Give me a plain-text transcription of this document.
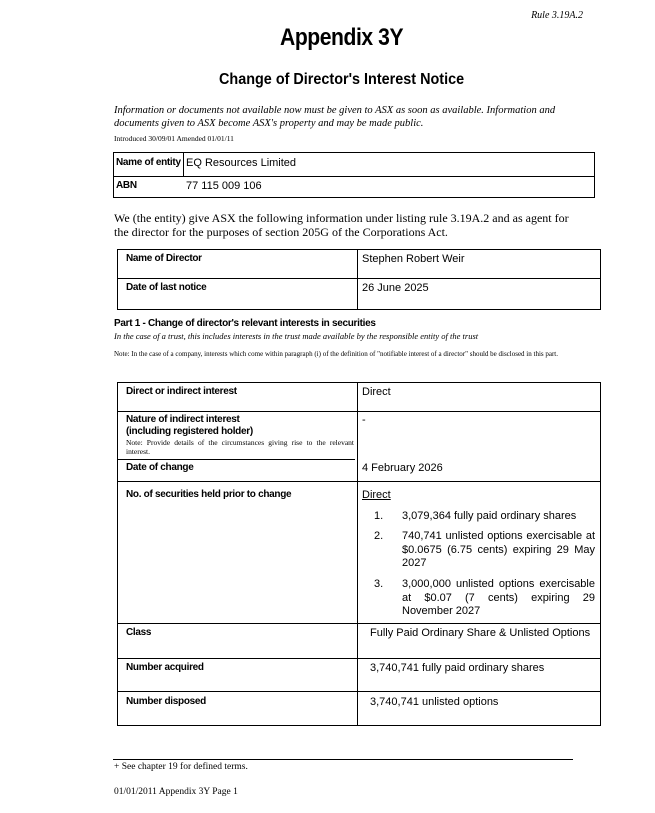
Rule 3.19A.2
Appendix 3Y
Change of Director's Interest Notice
Information or documents not available now must be given to ASX as soon as available. Information and documents given to ASX become ASX's property and may be made public.
Introduced 30/09/01 Amended 01/01/11
Name of entity EQ Resources Limited
ABN	77 115 009 106
We (the entity) give ASX the following information under listing rule 3.19A.2 and as agent for the director for the purposes of section 205G of the Corporations Act.
Name of Director	Stephen Robert Weir
Date of last notice	26 June 2025
Part 1 - Change of director's relevant interests in securities
In the case of a trust, this includes interests in the trust made available by the responsible entity of the trust
Note: In the case of a company, interests which come within paragraph (i) of the definition of "notifiable interest of a director" should be disclosed in this part.
Direct or indirect interest	Direct
Nature of indirect interest
(including registered holder)
Note: Provide details of the circumstances giving rise to the relevant interest.
-
Date of change	4 February 2026
No. of securities held prior to change	Direct
1. 3,079,364 fully paid ordinary shares
2. 740,741 unlisted options exercisable at $0.0675 (6.75 cents) expiring 29 May 2027
3. 3,000,000 unlisted options exercisable at $0.07 (7 cents) expiring 29 November 2027
Class	Fully Paid Ordinary Share & Unlisted Options
Number acquired	3,740,741 fully paid ordinary shares
Number disposed	3,740,741 unlisted options
+ See chapter 19 for defined terms.
01/01/2011 Appendix 3Y Page 1
